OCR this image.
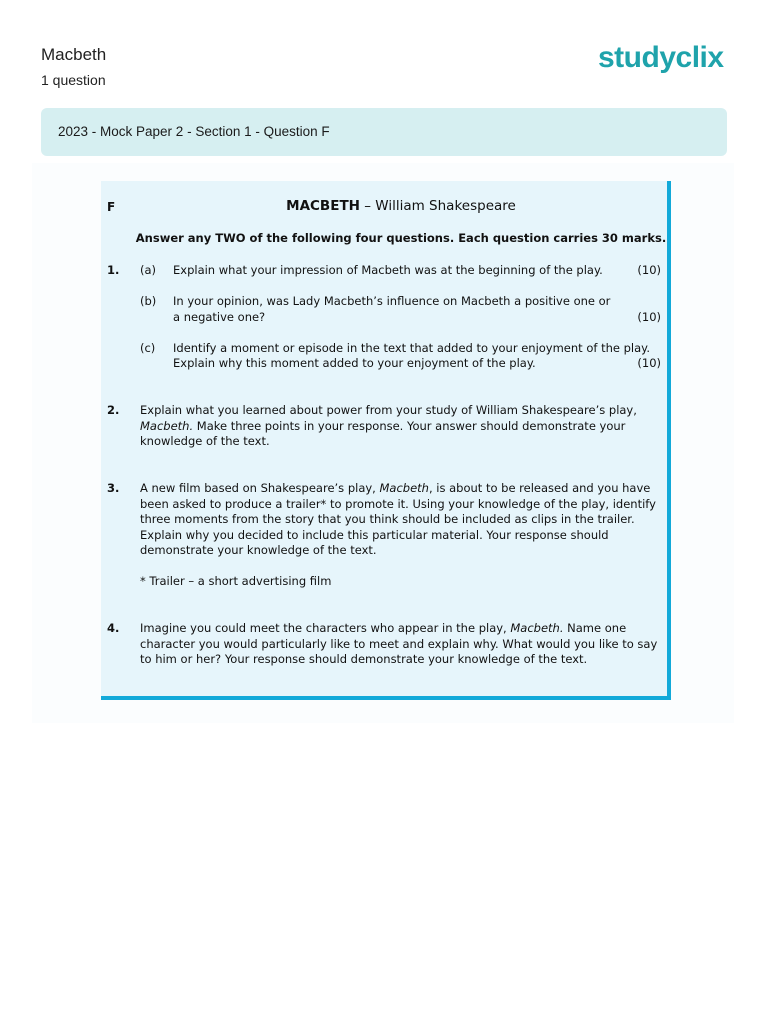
Macbeth
1 question
studyclix
2023 - Mock Paper 2 - Section 1 - Question F
F	MACBETH – William Shakespeare
Answer any TWO of the following four questions. Each question carries 30 marks.
1. (a) Explain what your impression of Macbeth was at the beginning of the play.	(10)
(b) In your opinion, was Lady Macbeth’s influence on Macbeth a positive one or
a negative one?	(10)
(c) Identify a moment or episode in the text that added to your enjoyment of the play.
Explain why this moment added to your enjoyment of the play.	(10)
2. Explain what you learned about power from your study of William Shakespeare’s play,
Macbeth. Make three points in your response. Your answer should demonstrate your
knowledge of the text.
3. A new film based on Shakespeare’s play, Macbeth, is about to be released and you have
been asked to produce a trailer* to promote it. Using your knowledge of the play, identify
three moments from the story that you think should be included as clips in the trailer.
Explain why you decided to include this particular material. Your response should
demonstrate your knowledge of the text.
* Trailer – a short advertising film
4. Imagine you could meet the characters who appear in the play, Macbeth. Name one
character you would particularly like to meet and explain why. What would you like to say
to him or her? Your response should demonstrate your knowledge of the text.
